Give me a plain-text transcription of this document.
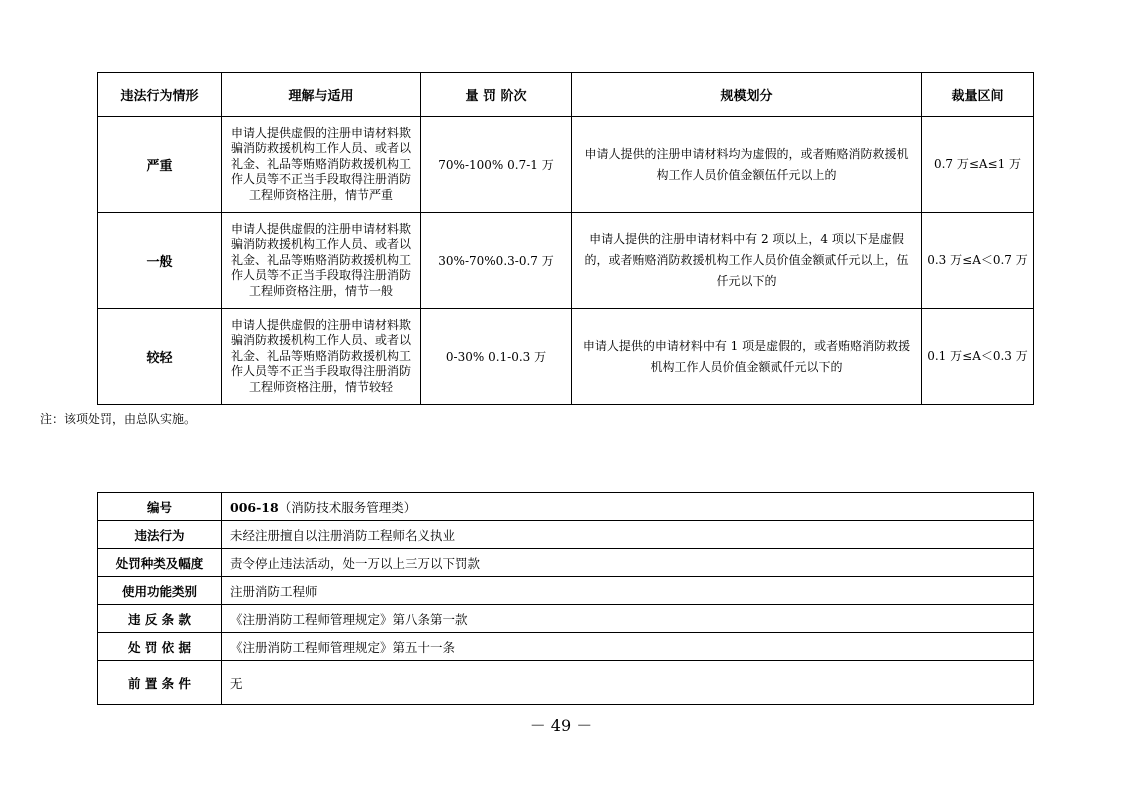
违法行为情形	理解与适用	量 罚 阶次	规模划分	裁量区间
严重	申请人提供虚假的注册申请材料欺骗消防救援机构工作人员、或者以礼金、礼品等贿赂消防救援机构工作人员等不正当手段取得注册消防工程师资格注册，情节严重	70%-100% 0.7-1 万	申请人提供的注册申请材料均为虚假的，或者贿赂消防救援机构工作人员价值金额伍仟元以上的	0.7 万≤A≤1 万
一般	申请人提供虚假的注册申请材料欺骗消防救援机构工作人员、或者以礼金、礼品等贿赂消防救援机构工作人员等不正当手段取得注册消防工程师资格注册，情节一般	30%-70%0.3-0.7 万	申请人提供的注册申请材料中有 2 项以上，4 项以下是虚假的，或者贿赂消防救援机构工作人员价值金额贰仟元以上，伍仟元以下的	0.3 万≤A＜0.7 万
较轻	申请人提供虚假的注册申请材料欺骗消防救援机构工作人员、或者以礼金、礼品等贿赂消防救援机构工作人员等不正当手段取得注册消防工程师资格注册，情节较轻	0-30% 0.1-0.3 万	申请人提供的申请材料中有 1 项是虚假的，或者贿赂消防救援机构工作人员价值金额贰仟元以下的	0.1 万≤A＜0.3 万
注：该项处罚，由总队实施。
编号	006-18（消防技术服务管理类）
违法行为	未经注册擅自以注册消防工程师名义执业
处罚种类及幅度	责令停止违法活动，处一万以上三万以下罚款
使用功能类别	注册消防工程师
违 反 条 款	《注册消防工程师管理规定》第八条第一款
处 罚 依 据	《注册消防工程师管理规定》第五十一条
前 置 条 件	无
－ 49 －
